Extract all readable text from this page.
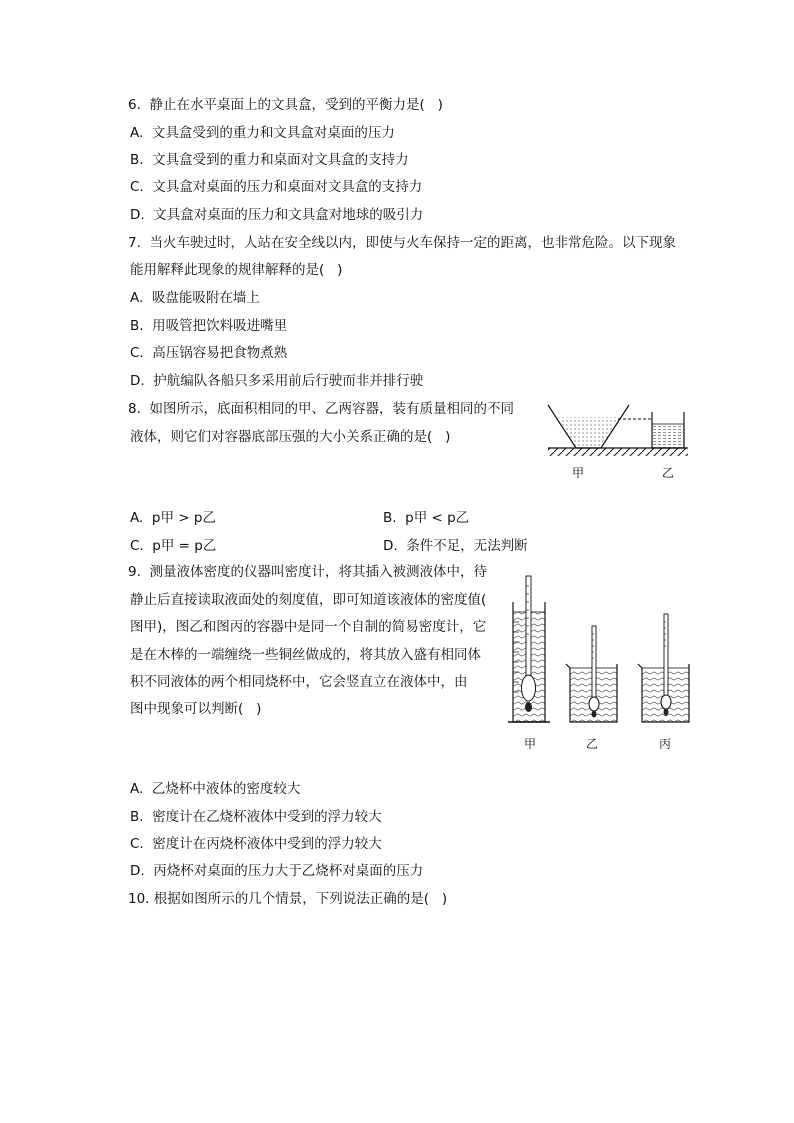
6.  静止在水平桌面上的文具盒，受到的平衡力是(   )
A.  文具盒受到的重力和文具盒对桌面的压力
B.  文具盒受到的重力和桌面对文具盒的支持力
C.  文具盒对桌面的压力和桌面对文具盒的支持力
D.  文具盒对桌面的压力和文具盒对地球的吸引力
7.  当火车驶过时，人站在安全线以内，即使与火车保持一定的距离，也非常危险。以下现象
能用解释此现象的规律解释的是(   )
A.  吸盘能吸附在墙上
B.  用吸管把饮料吸进嘴里
C.  高压锅容易把食物煮熟
D.  护航编队各船只多采用前后行驶而非并排行驶
8.  如图所示，底面积相同的甲、乙两容器，装有质量相同的不同
液体，则它们对容器底部压强的大小关系正确的是(   )
甲	乙
A.  p甲 > p乙	B.  p甲 < p乙
C.  p甲 = p乙	D.  条件不足，无法判断
9.  测量液体密度的仪器叫密度计，将其插入被测液体中，待
静止后直接读取液面处的刻度值，即可知道该液体的密度值(
图甲)，图乙和图丙的容器中是同一个自制的简易密度计，它
是在木棒的一端缠绕一些铜丝做成的，将其放入盛有相同体
积不同液体的两个相同烧杯中，它会竖直立在液体中，由
图中现象可以判断(   )
甲	乙	丙
A.  乙烧杯中液体的密度较大
B.  密度计在乙烧杯液体中受到的浮力较大
C.  密度计在丙烧杯液体中受到的浮力较大
D.  丙烧杯对桌面的压力大于乙烧杯对桌面的压力
10. 根据如图所示的几个情景，下列说法正确的是(   )
